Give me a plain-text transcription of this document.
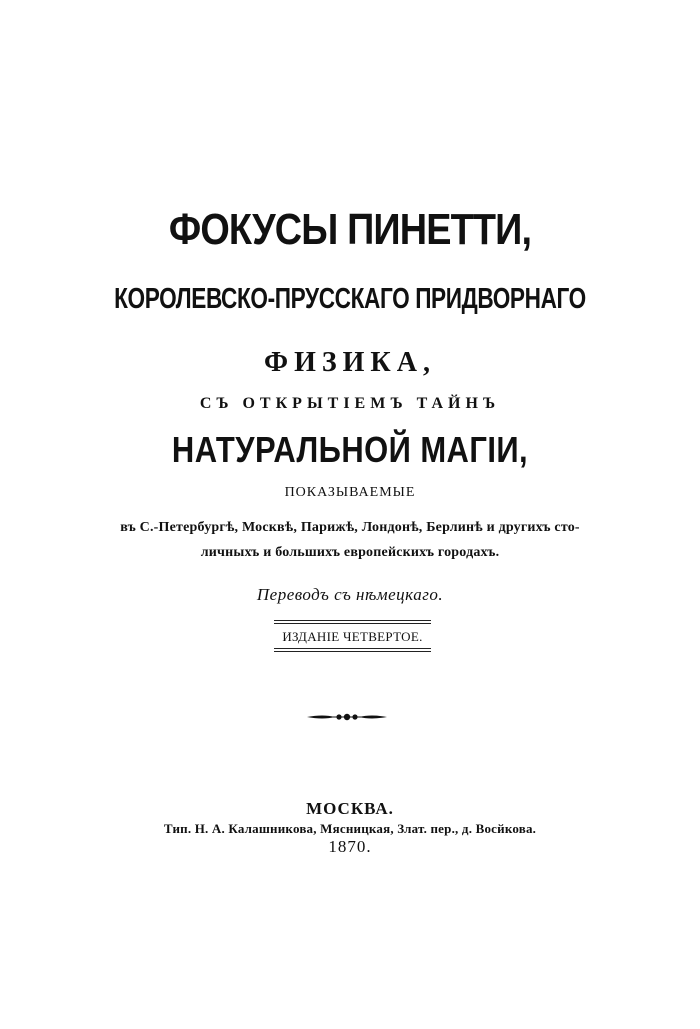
ФОКУСЫ ПИНЕТТИ,
КОРОЛЕВСКО-ПРУССКАГО ПРИДВОРНАГО
ФИЗИКА,
СЪ ОТКРЫТІЕМЪ ТАЙНЪ
НАТУРАЛЬНОЙ МАГІИ,
ПОКАЗЫВАЕМЫЕ
въ С.-Петербургѣ, Москвѣ, Парижѣ, Лондонѣ, Берлинѣ и другихъ сто-
личныхъ и большихъ европейскихъ городахъ.
Переводъ съ нѣмецкаго.
ИЗДАНІЕ ЧЕТВЕРТОЕ.
МОСКВА.
Тип. Н. А. Калашникова, Мясницкая, Злат. пер., д. Восйкова.
1870.
